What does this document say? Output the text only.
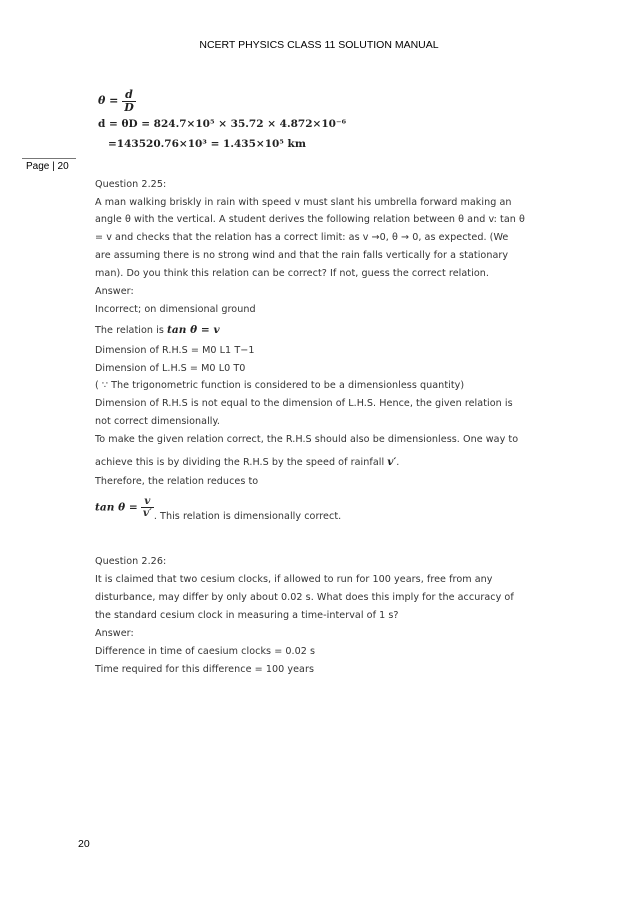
NCERT PHYSICS CLASS 11 SOLUTION MANUAL
Page | 20
$\theta = \frac{d}{D}$
d = θD = 824.7×10⁵ × 35.72 × 4.872×10⁻⁶
=143520.76×10³ = 1.435×10⁵ km
Question 2.25:
A man walking briskly in rain with speed v must slant his umbrella forward making an
angle θ with the vertical. A student derives the following relation between θ and v: tan θ
= v and checks that the relation has a correct limit: as v →0, θ → 0, as expected. (We
are assuming there is no strong wind and that the rain falls vertically for a stationary
man). Do you think this relation can be correct? If not, guess the correct relation.
Answer:
Incorrect; on dimensional ground
The relation is tan θ = v
Dimension of R.H.S = M0 L1 T−1
Dimension of L.H.S = M0 L0 T0
( ∵ The trigonometric function is considered to be a dimensionless quantity)
Dimension of R.H.S is not equal to the dimension of L.H.S. Hence, the given relation is
not correct dimensionally.
To make the given relation correct, the R.H.S should also be dimensionless. One way to
achieve this is by dividing the R.H.S by the speed of rainfall v′.
Therefore, the relation reduces to
$\tan \theta = \frac{v}{v'}$ . This relation is dimensionally correct.
Question 2.26:
It is claimed that two cesium clocks, if allowed to run for 100 years, free from any
disturbance, may differ by only about 0.02 s. What does this imply for the accuracy of
the standard cesium clock in measuring a time-interval of 1 s?
Answer:
Difference in time of caesium clocks = 0.02 s
Time required for this difference = 100 years
20
